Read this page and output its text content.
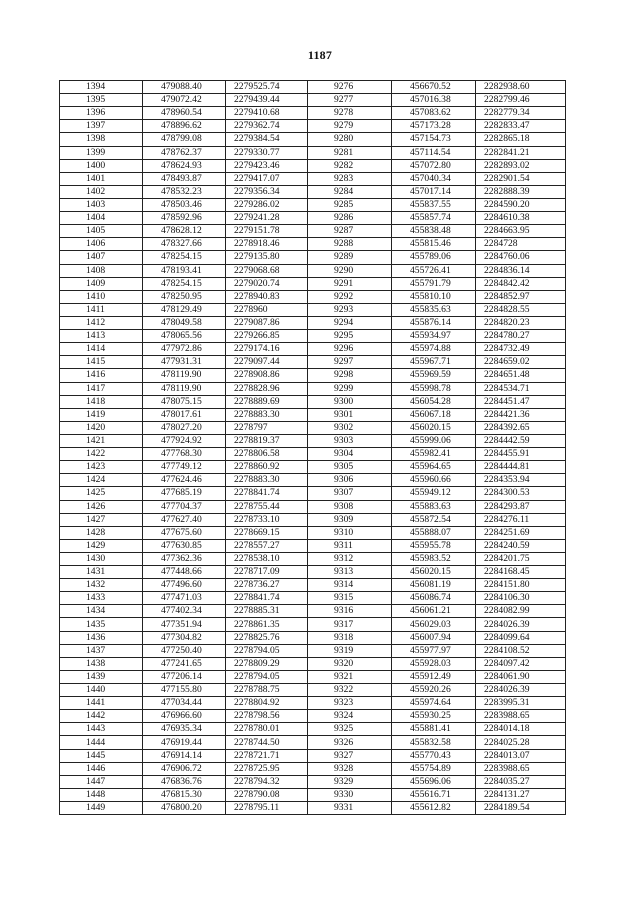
1187
1394	479088.40	2279525.74	9276	456670.52	2282938.60
1395	479072.42	2279439.44	9277	457016.38	2282799.46
1396	478960.54	2279410.68	9278	457083.62	2282779.34
1397	478896.62	2279362.74	9279	457173.28	2282833.47
1398	478799.08	2279384.54	9280	457154.73	2282865.18
1399	478762.37	2279330.77	9281	457114.54	2282841.21
1400	478624.93	2279423.46	9282	457072.80	2282893.02
1401	478493.87	2279417.07	9283	457040.34	2282901.54
1402	478532.23	2279356.34	9284	457017.14	2282888.39
1403	478503.46	2279286.02	9285	455837.55	2284590.20
1404	478592.96	2279241.28	9286	455857.74	2284610.38
1405	478628.12	2279151.78	9287	455838.48	2284663.95
1406	478327.66	2278918.46	9288	455815.46	2284728
1407	478254.15	2279135.80	9289	455789.06	2284760.06
1408	478193.41	2279068.68	9290	455726.41	2284836.14
1409	478254.15	2279020.74	9291	455791.79	2284842.42
1410	478250.95	2278940.83	9292	455810.10	2284852.97
1411	478129.49	2278960	9293	455835.63	2284828.55
1412	478049.58	2279087.86	9294	455876.14	2284820.23
1413	478065.56	2279266.85	9295	455934.97	2284780.27
1414	477972.86	2279174.16	9296	455974.88	2284732.49
1415	477931.31	2279097.44	9297	455967.71	2284659.02
1416	478119.90	2278908.86	9298	455969.59	2284651.48
1417	478119.90	2278828.96	9299	455998.78	2284534.71
1418	478075.15	2278889.69	9300	456054.28	2284451.47
1419	478017.61	2278883.30	9301	456067.18	2284421.36
1420	478027.20	2278797	9302	456020.15	2284392.65
1421	477924.92	2278819.37	9303	455999.06	2284442.59
1422	477768.30	2278806.58	9304	455982.41	2284455.91
1423	477749.12	2278860.92	9305	455964.65	2284444.81
1424	477624.46	2278883.30	9306	455960.66	2284353.94
1425	477685.19	2278841.74	9307	455949.12	2284300.53
1426	477704.37	2278755.44	9308	455883.63	2284293.87
1427	477627.40	2278733.10	9309	455872.54	2284276.11
1428	477675.60	2278669.15	9310	455888.07	2284251.69
1429	477630.85	2278557.27	9311	455955.78	2284240.59
1430	477362.36	2278538.10	9312	455983.52	2284201.75
1431	477448.66	2278717.09	9313	456020.15	2284168.45
1432	477496.60	2278736.27	9314	456081.19	2284151.80
1433	477471.03	2278841.74	9315	456086.74	2284106.30
1434	477402.34	2278885.31	9316	456061.21	2284082.99
1435	477351.94	2278861.35	9317	456029.03	2284026.39
1436	477304.82	2278825.76	9318	456007.94	2284099.64
1437	477250.40	2278794.05	9319	455977.97	2284108.52
1438	477241.65	2278809.29	9320	455928.03	2284097.42
1439	477206.14	2278794.05	9321	455912.49	2284061.90
1440	477155.80	2278788.75	9322	455920.26	2284026.39
1441	477034.44	2278804.92	9323	455974.64	2283995.31
1442	476966.60	2278798.56	9324	455930.25	2283988.65
1443	476935.34	2278780.01	9325	455881.41	2284014.18
1444	476919.44	2278744.50	9326	455832.58	2284025.28
1445	476914.14	2278721.71	9327	455770.43	2284013.07
1446	476906.72	2278725.95	9328	455754.89	2283988.65
1447	476836.76	2278794.32	9329	455696.06	2284035.27
1448	476815.30	2278790.08	9330	455616.71	2284131.27
1449	476800.20	2278795.11	9331	455612.82	2284189.54
